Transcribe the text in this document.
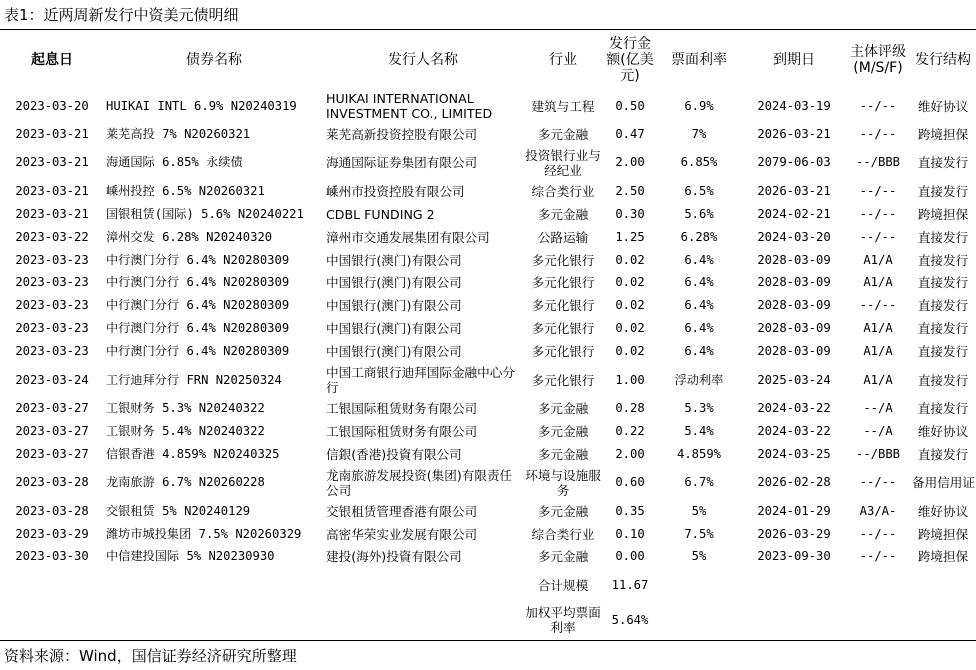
表1：近两周新发行中资美元债明细
起息日	债券名称	发行人名称	行业	发行金额(亿美元)	票面利率	到期日	主体评级(M/S/F)	发行结构
2023-03-20	HUIKAI INTL 6.9% N20240319	HUIKAI INTERNATIONAL INVESTMENT CO., LIMITED	建筑与工程	0.50	6.9%	2024-03-19	--/--	维好协议
2023-03-21	莱芜高投 7% N20260321	莱芜高新投资控股有限公司	多元金融	0.47	7%	2026-03-21	--/--	跨境担保
2023-03-21	海通国际 6.85% 永续债	海通国际证券集团有限公司	投资银行业与经纪业	2.00	6.85%	2079-06-03	--/BBB	直接发行
2023-03-21	嵊州投控 6.5% N20260321	嵊州市投资控股有限公司	综合类行业	2.50	6.5%	2026-03-21	--/--	直接发行
2023-03-21	国银租赁(国际) 5.6% N20240221	CDBL FUNDING 2	多元金融	0.30	5.6%	2024-02-21	--/--	跨境担保
2023-03-22	漳州交发 6.28% N20240320	漳州市交通发展集团有限公司	公路运输	1.25	6.28%	2024-03-20	--/--	直接发行
2023-03-23	中行澳门分行 6.4% N20280309	中国银行(澳门)有限公司	多元化银行	0.02	6.4%	2028-03-09	A1/A	直接发行
2023-03-23	中行澳门分行 6.4% N20280309	中国银行(澳门)有限公司	多元化银行	0.02	6.4%	2028-03-09	A1/A	直接发行
2023-03-23	中行澳门分行 6.4% N20280309	中国银行(澳门)有限公司	多元化银行	0.02	6.4%	2028-03-09	--/--	直接发行
2023-03-23	中行澳门分行 6.4% N20280309	中国银行(澳门)有限公司	多元化银行	0.02	6.4%	2028-03-09	A1/A	直接发行
2023-03-23	中行澳门分行 6.4% N20280309	中国银行(澳门)有限公司	多元化银行	0.02	6.4%	2028-03-09	A1/A	直接发行
2023-03-24	工行迪拜分行 FRN N20250324	中国工商银行迪拜国际金融中心分行	多元化银行	1.00	浮动利率	2025-03-24	A1/A	直接发行
2023-03-27	工银财务 5.3% N20240322	工银国际租赁财务有限公司	多元金融	0.28	5.3%	2024-03-22	--/A	直接发行
2023-03-27	工银财务 5.4% N20240322	工银国际租赁财务有限公司	多元金融	0.22	5.4%	2024-03-22	--/A	维好协议
2023-03-27	信银香港 4.859% N20240325	信銀(香港)投資有限公司	多元金融	2.00	4.859%	2024-03-25	--/BBB	直接发行
2023-03-28	龙南旅游 6.7% N20260228	龙南旅游发展投资(集团)有限责任公司	环境与设施服务	0.60	6.7%	2026-02-28	--/--	备用信用证
2023-03-28	交银租赁 5% N20240129	交银租赁管理香港有限公司	多元金融	0.35	5%	2024-01-29	A3/A-	维好协议
2023-03-29	潍坊市城投集团 7.5% N20260329	高密华荣实业发展有限公司	综合类行业	0.10	7.5%	2026-03-29	--/--	跨境担保
2023-03-30	中信建投国际 5% N20230930	建投(海外)投資有限公司	多元金融	0.00	5%	2023-09-30	--/--	跨境担保
			合计规模	11.67				
			加权平均票面利率	5.64%				
资料来源：Wind，国信证券经济研究所整理
